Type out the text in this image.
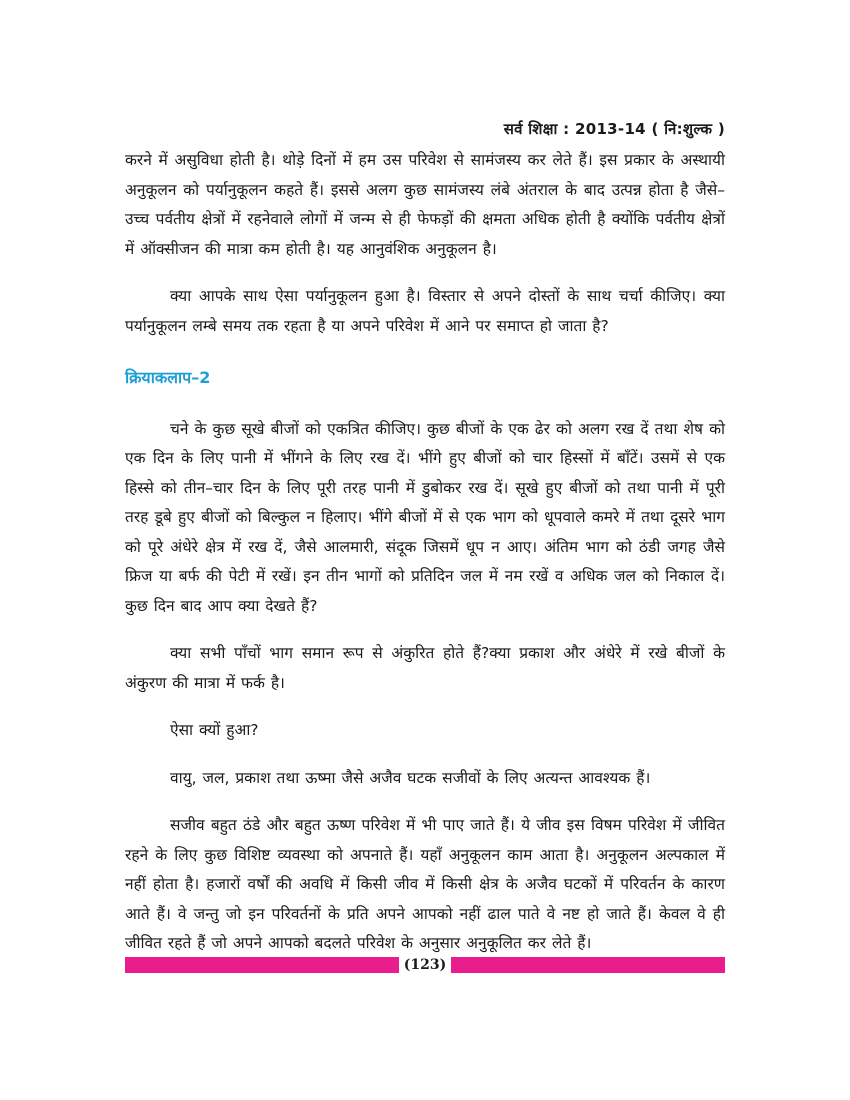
सर्व शिक्षा : 2013-14 ( नि:शुल्क )

करने में असुविधा होती है। थोड़े दिनों में हम उस परिवेश से सामंजस्य कर लेते हैं। इस प्रकार के अस्थायी अनुकूलन को पर्यानुकूलन कहते हैं। इससे अलग कुछ सामंजस्य लंबे अंतराल के बाद उत्पन्न होता है जैसे– उच्च पर्वतीय क्षेत्रों में रहनेवाले लोगों में जन्म से ही फेफड़ों की क्षमता अधिक होती है क्योंकि पर्वतीय क्षेत्रों में ऑक्सीजन की मात्रा कम होती है। यह आनुवंशिक अनुकूलन है।

क्या आपके साथ ऐसा पर्यानुकूलन हुआ है। विस्तार से अपने दोस्तों के साथ चर्चा कीजिए। क्या पर्यानुकूलन लम्बे समय तक रहता है या अपने परिवेश में आने पर समाप्त हो जाता है?

क्रियाकलाप–2

चने के कुछ सूखे बीजों को एकत्रित कीजिए। कुछ बीजों के एक ढेर को अलग रख दें तथा शेष को एक दिन के लिए पानी में भींगने के लिए रख दें। भींगे हुए बीजों को चार हिस्सों में बाँटें। उसमें से एक हिस्से को तीन–चार दिन के लिए पूरी तरह पानी में डुबोकर रख दें। सूखे हुए बीजों को तथा पानी में पूरी तरह डूबे हुए बीजों को बिल्कुल न हिलाए। भींगे बीजों में से एक भाग को धूपवाले कमरे में तथा दूसरे भाग को पूरे अंधेरे क्षेत्र में रख दें, जैसे आलमारी, संदूक जिसमें धूप न आए। अंतिम भाग को ठंडी जगह जैसे फ्रिज या बर्फ की पेटी में रखें। इन तीन भागों को प्रतिदिन जल में नम रखें व अधिक जल को निकाल दें। कुछ दिन बाद आप क्या देखते हैं?

क्या सभी पाँचों भाग समान रूप से अंकुरित होते हैं?क्या प्रकाश और अंधेरे में रखे बीजों के अंकुरण की मात्रा में फर्क है।

ऐसा क्यों हुआ?

वायु, जल, प्रकाश तथा ऊष्मा जैसे अजैव घटक सजीवों के लिए अत्यन्त आवश्यक हैं।

सजीव बहुत ठंडे और बहुत ऊष्ण परिवेश में भी पाए जाते हैं। ये जीव इस विषम परिवेश में जीवित रहने के लिए कुछ विशिष्ट व्यवस्था को अपनाते हैं। यहाँ अनुकूलन काम आता है। अनुकूलन अल्पकाल में नहीं होता है। हजारों वर्षों की अवधि में किसी जीव में किसी क्षेत्र के अजैव घटकों में परिवर्तन के कारण आते हैं। वे जन्तु जो इन परिवर्तनों के प्रति अपने आपको नहीं ढाल पाते वे नष्ट हो जाते हैं। केवल वे ही जीवित रहते हैं जो अपने आपको बदलते परिवेश के अनुसार अनुकूलित कर लेते हैं।

(123)
